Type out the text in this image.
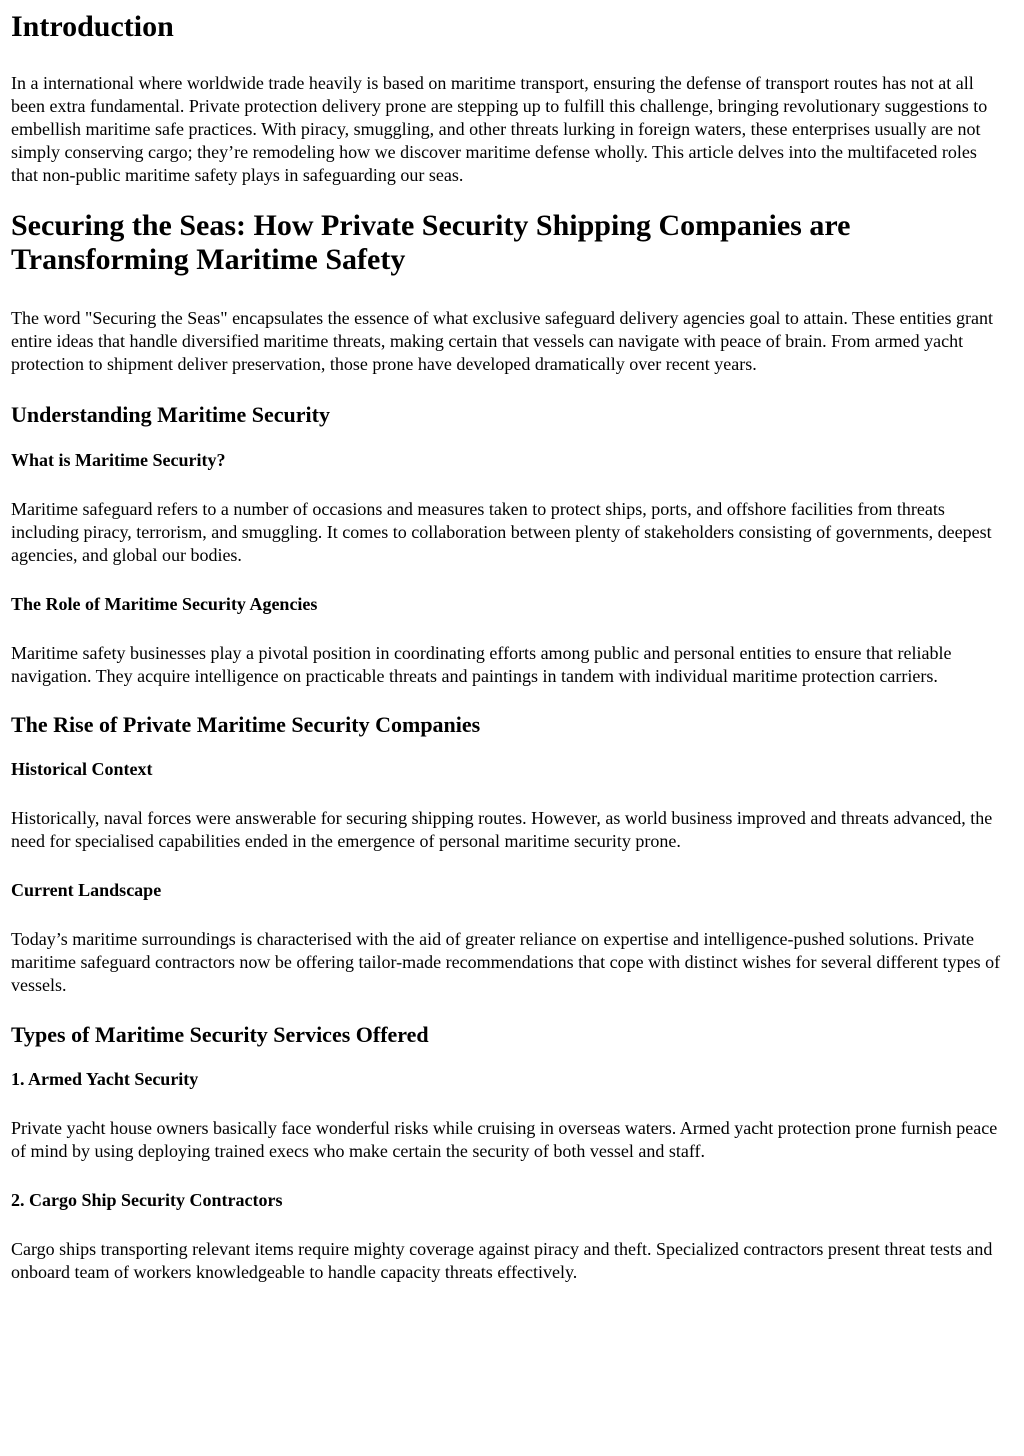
Introduction

In a international where worldwide trade heavily is based on maritime transport, ensuring the defense of transport routes has not at all been extra fundamental. Private protection delivery prone are stepping up to fulfill this challenge, bringing revolutionary suggestions to embellish maritime safe practices. With piracy, smuggling, and other threats lurking in foreign waters, these enterprises usually are not simply conserving cargo; they’re remodeling how we discover maritime defense wholly. This article delves into the multifaceted roles that non-public maritime safety plays in safeguarding our seas.

Securing the Seas: How Private Security Shipping Companies are Transforming Maritime Safety

The word "Securing the Seas" encapsulates the essence of what exclusive safeguard delivery agencies goal to attain. These entities grant entire ideas that handle diversified maritime threats, making certain that vessels can navigate with peace of brain. From armed yacht protection to shipment deliver preservation, those prone have developed dramatically over recent years.

Understanding Maritime Security
What is Maritime Security?

Maritime safeguard refers to a number of occasions and measures taken to protect ships, ports, and offshore facilities from threats including piracy, terrorism, and smuggling. It comes to collaboration between plenty of stakeholders consisting of governments, deepest agencies, and global our bodies.

The Role of Maritime Security Agencies

Maritime safety businesses play a pivotal position in coordinating efforts among public and personal entities to ensure that reliable navigation. They acquire intelligence on practicable threats and paintings in tandem with individual maritime protection carriers.

The Rise of Private Maritime Security Companies
Historical Context

Historically, naval forces were answerable for securing shipping routes. However, as world business improved and threats advanced, the need for specialised capabilities ended in the emergence of personal maritime security prone.

Current Landscape

Today’s maritime surroundings is characterised with the aid of greater reliance on expertise and intelligence-pushed solutions. Private maritime safeguard contractors now be offering tailor-made recommendations that cope with distinct wishes for several different types of vessels.

Types of Maritime Security Services Offered
1. Armed Yacht Security

Private yacht house owners basically face wonderful risks while cruising in overseas waters. Armed yacht protection prone furnish peace of mind by using deploying trained execs who make certain the security of both vessel and staff.

2. Cargo Ship Security Contractors

Cargo ships transporting relevant items require mighty coverage against piracy and theft. Specialized contractors present threat tests and onboard team of workers knowledgeable to handle capacity threats effectively.
